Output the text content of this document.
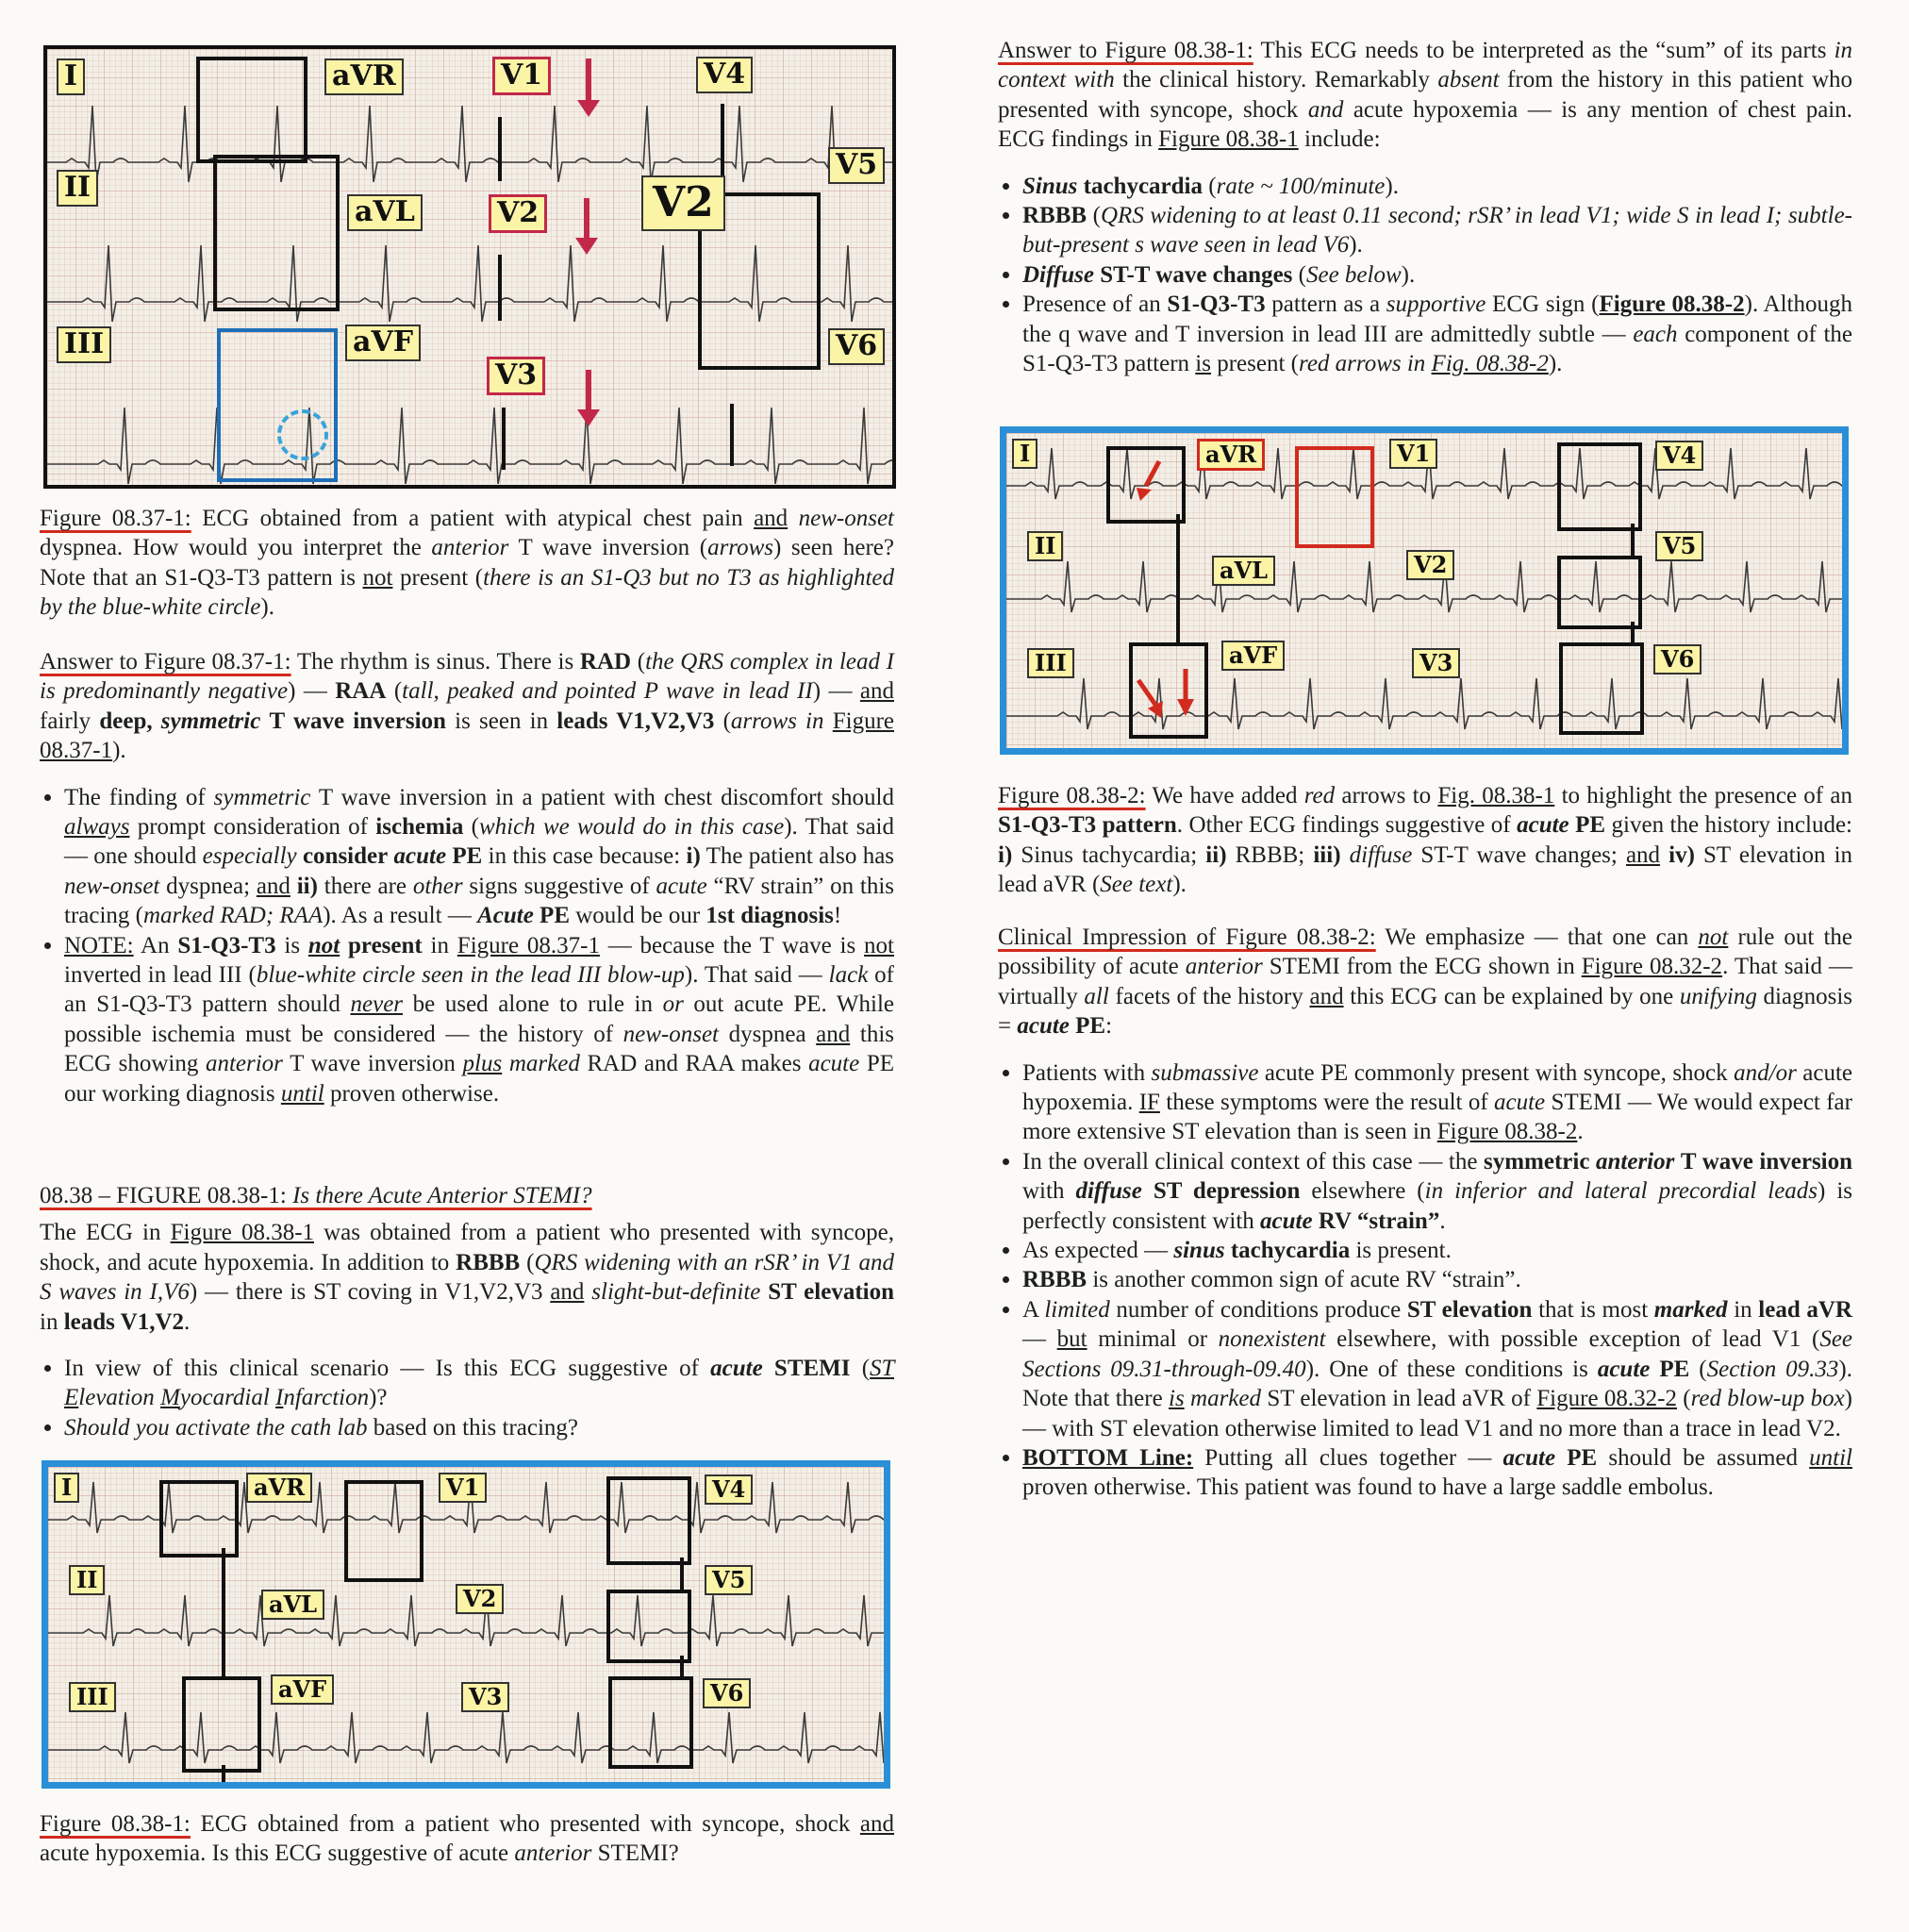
I	aVR	V1	V4
II
aVL	V2
V5
III	aVF
V3
V6
V2

Figure 08.37-1: ECG obtained from a patient with atypical chest pain and new-onset dyspnea. How would you interpret the anterior T wave inversion (arrows) seen here? Note that an S1-Q3-T3 pattern is not present (there is an S1-Q3 but no T3 as highlighted by the blue-white circle).

Answer to Figure 08.37-1: The rhythm is sinus. There is RAD (the QRS complex in lead I is predominantly negative) — RAA (tall, peaked and pointed P wave in lead II) — and fairly deep, symmetric T wave inversion is seen in leads V1,V2,V3 (arrows in Figure 08.37-1).

• The finding of symmetric T wave inversion in a patient with chest discomfort should always prompt consideration of ischemia (which we would do in this case). That said — one should especially consider acute PE in this case because: i) The patient also has new-onset dyspnea; and ii) there are other signs suggestive of acute “RV strain” on this tracing (marked RAD; RAA). As a result — Acute PE would be our 1st diagnosis!
• NOTE: An S1-Q3-T3 is not present in Figure 08.37-1 — because the T wave is not inverted in lead III (blue-white circle seen in the lead III blow-up). That said — lack of an S1-Q3-T3 pattern should never be used alone to rule in or out acute PE. While possible ischemia must be considered — the history of new-onset dyspnea and this ECG showing anterior T wave inversion plus marked RAD and RAA makes acute PE our working diagnosis until proven otherwise.
08.38 – FIGURE 08.38-1: Is there Acute Anterior STEMI?

The ECG in Figure 08.38-1 was obtained from a patient who presented with syncope, shock, and acute hypoxemia. In addition to RBBB (QRS widening with an rSR’ in V1 and S waves in I,V6) — there is ST coving in V1,V2,V3 and slight-but-definite ST elevation in leads V1,V2.

• In view of this clinical scenario — Is this ECG suggestive of acute STEMI (ST Elevation Myocardial Infarction)?
• Should you activate the cath lab based on this tracing?
I	aVR	V1	V4
II
aVL	V2
V5
III	aVF	V3	V6

Figure 08.38-1: ECG obtained from a patient who presented with syncope, shock and acute hypoxemia. Is this ECG suggestive of acute anterior STEMI?

Answer to Figure 08.38-1: This ECG needs to be interpreted as the “sum” of its parts in context with the clinical history. Remarkably absent from the history in this patient who presented with syncope, shock and acute hypoxemia — is any mention of chest pain. ECG findings in Figure 08.38-1 include:

• Sinus tachycardia (rate ~ 100/minute).
• RBBB (QRS widening to at least 0.11 second; rSR’ in lead V1; wide S in lead I; subtle-but-present s wave seen in lead V6).
• Diffuse ST-T wave changes (See below).
• Presence of an S1-Q3-T3 pattern as a supportive ECG sign (Figure 08.38-2). Although the q wave and T inversion in lead III are admittedly subtle — each component of the S1-Q3-T3 pattern is present (red arrows in Fig. 08.38-2).
I	aVR	V1	V4
II
aVL	V2
V5
III	aVF	V3	V6

Figure 08.38-2: We have added red arrows to Fig. 08.38-1 to highlight the presence of an S1-Q3-T3 pattern. Other ECG findings suggestive of acute PE given the history include: i) Sinus tachycardia; ii) RBBB; iii) diffuse ST-T wave changes; and iv) ST elevation in lead aVR (See text).

Clinical Impression of Figure 08.38-2: We emphasize — that one can not rule out the possibility of acute anterior STEMI from the ECG shown in Figure 08.32-2. That said — virtually all facets of the history and this ECG can be explained by one unifying diagnosis = acute PE:

• Patients with submassive acute PE commonly present with syncope, shock and/or acute hypoxemia. IF these symptoms were the result of acute STEMI — We would expect far more extensive ST elevation than is seen in Figure 08.38-2.
• In the overall clinical context of this case — the symmetric anterior T wave inversion with diffuse ST depression elsewhere (in inferior and lateral precordial leads) is perfectly consistent with acute RV “strain”.
• As expected — sinus tachycardia is present.
• RBBB is another common sign of acute RV “strain”.
• A limited number of conditions produce ST elevation that is most marked in lead aVR — but minimal or nonexistent elsewhere, with possible exception of lead V1 (See Sections 09.31-through-09.40). One of these conditions is acute PE (Section 09.33). Note that there is marked ST elevation in lead aVR of Figure 08.32-2 (red blow-up box) — with ST elevation otherwise limited to lead V1 and no more than a trace in lead V2.
• BOTTOM Line: Putting all clues together — acute PE should be assumed until proven otherwise. This patient was found to have a large saddle embolus.
